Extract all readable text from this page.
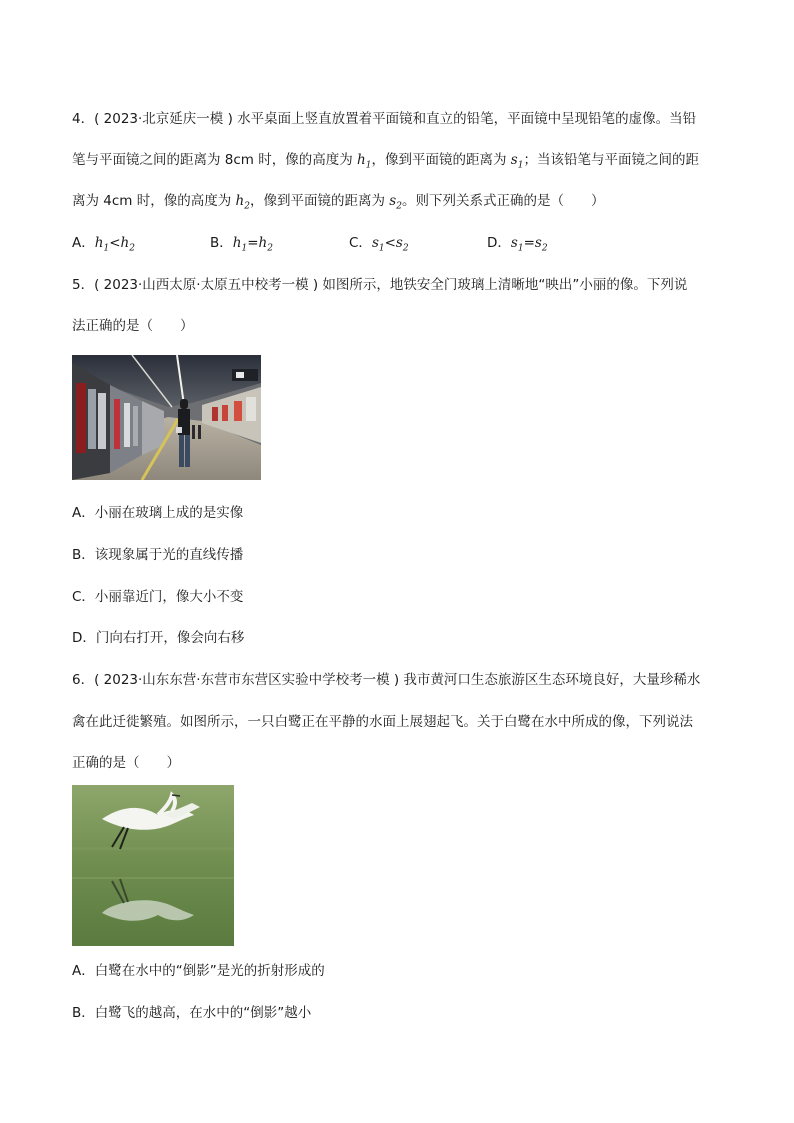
4．( 2023·北京延庆一模 ) 水平桌面上竖直放置着平面镜和直立的铅笔，平面镜中呈现铅笔的虚像。当铅
笔与平面镜之间的距离为 8cm 时，像的高度为 $h_1$，像到平面镜的距离为 $s_1$；当该铅笔与平面镜之间的距
离为 4cm 时，像的高度为 $h_2$，像到平面镜的距离为 $s_2$。则下列关系式正确的是（　　）
A．$h_1<h_2$	B．$h_1=h_2$	C．$s_1<s_2$	D．$s_1=s_2$
5．( 2023·山西太原·太原五中校考一模 ) 如图所示，地铁安全门玻璃上清晰地“映出”小丽的像。下列说
法正确的是（　　）
A．小丽在玻璃上成的是实像
B．该现象属于光的直线传播
C．小丽靠近门，像大小不变
D．门向右打开，像会向右移
6．( 2023·山东东营·东营市东营区实验中学校考一模 ) 我市黄河口生态旅游区生态环境良好，大量珍稀水
禽在此迁徙繁殖。如图所示，一只白鹭正在平静的水面上展翅起飞。关于白鹭在水中所成的像，下列说法
正确的是（　　）
A．白鹭在水中的“倒影”是光的折射形成的
B．白鹭飞的越高，在水中的“倒影”越小
